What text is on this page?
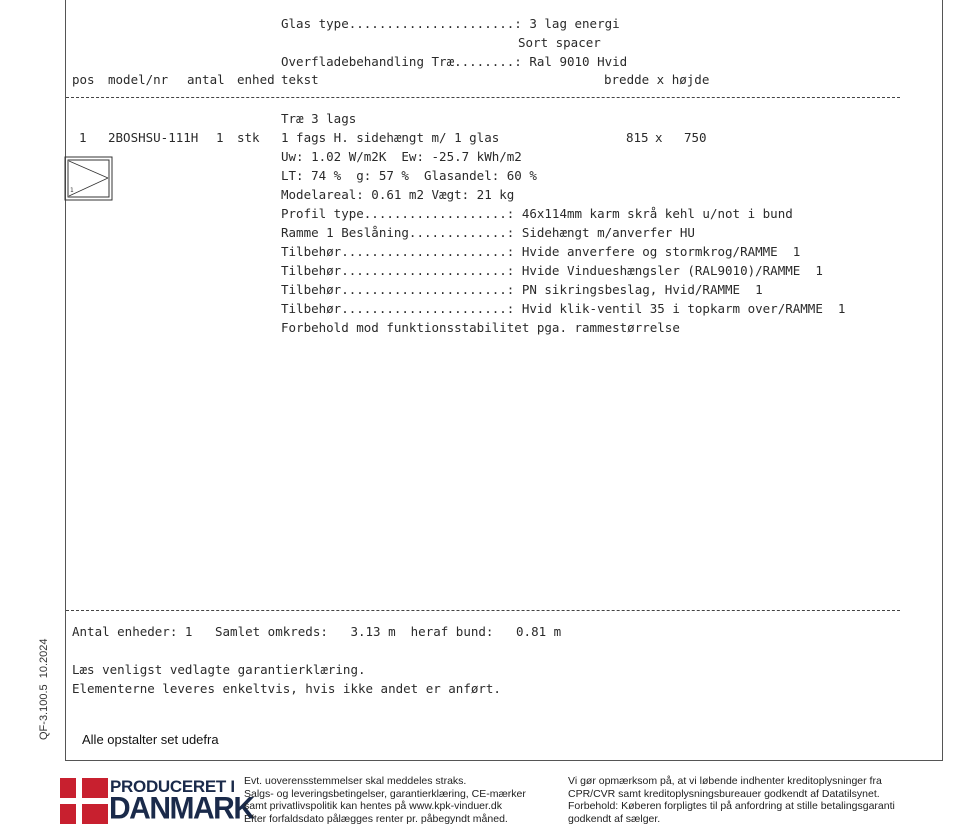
Glas type......................: 3 lag energi
Sort spacer
Overfladebehandling Træ........: Ral 9010 Hvid
pos model/nr antal enhed tekst	bredde x højde
1 2BOSHSU-111H 1 stk	815 x 750
1
Træ 3 lags
1 fags H. sidehængt m/ 1 glas
Uw: 1.02 W/m2K  Ew: -25.7 kWh/m2
LT: 74 %  g: 57 %  Glasandel: 60 %
Modelareal: 0.61 m2 Vægt: 21 kg
Profil type...................: 46x114mm karm skrå kehl u/not i bund
Ramme 1 Beslåning.............: Sidehængt m/anverfer HU
Tilbehør......................: Hvide anverfere og stormkrog/RAMME  1
Tilbehør......................: Hvide Vindueshængsler (RAL9010)/RAMME  1
Tilbehør......................: PN sikringsbeslag, Hvid/RAMME  1
Tilbehør......................: Hvid klik-ventil 35 i topkarm over/RAMME  1
Forbehold mod funktionsstabilitet pga. rammestørrelse
Antal enheder: 1   Samlet omkreds:   3.13 m  heraf bund:   0.81 m
Læs venligst vedlagte garantierklæring.
Elementerne leveres enkeltvis, hvis ikke andet er anført.
Alle opstalter set udefra
QF-3.100.5  10.2024
PRODUCERET I
DANMARK
Evt. uoverensstemmelser skal meddeles straks.
Salgs- og leveringsbetingelser, garantierklæring, CE-mærker
samt privatlivspolitik kan hentes på www.kpk-vinduer.dk
Efter forfaldsdato pålægges renter pr. påbegyndt måned.
Vi gør opmærksom på, at vi løbende indhenter kreditoplysninger fra
CPR/CVR samt kreditoplysningsbureauer godkendt af Datatilsynet.
Forbehold: Køberen forpligtes til på anfordring at stille betalingsgaranti
godkendt af sælger.
